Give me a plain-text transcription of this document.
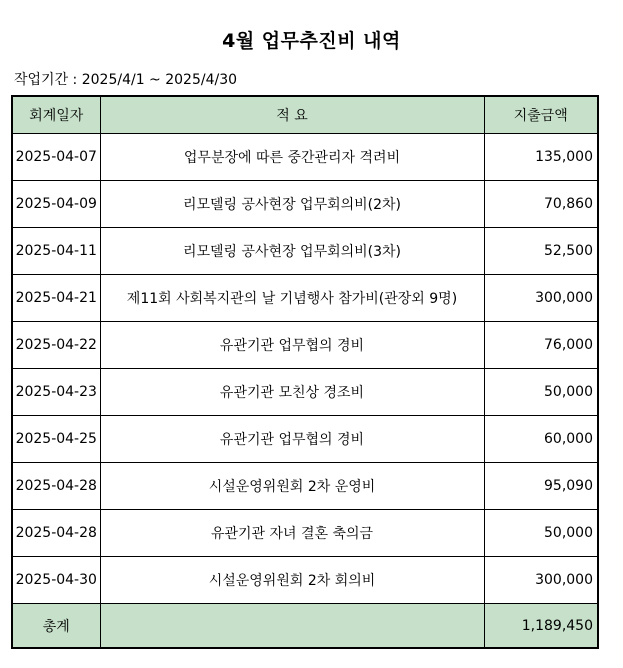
4월 업무추진비 내역
작업기간 : 2025/4/1 ~ 2025/4/30
회계일자	적 요	지출금액
2025-04-07	업무분장에 따른 중간관리자 격려비	135,000
2025-04-09	리모델링 공사현장 업무회의비(2차)	70,860
2025-04-11	리모델링 공사현장 업무회의비(3차)	52,500
2025-04-21	제11회 사회복지관의 날 기념행사 참가비(관장외 9명)	300,000
2025-04-22	유관기관 업무협의 경비	76,000
2025-04-23	유관기관 모친상 경조비	50,000
2025-04-25	유관기관 업무협의 경비	60,000
2025-04-28	시설운영위원회 2차 운영비	95,090
2025-04-28	유관기관 자녀 결혼 축의금	50,000
2025-04-30	시설운영위원회 2차 회의비	300,000
총계		1,189,450
